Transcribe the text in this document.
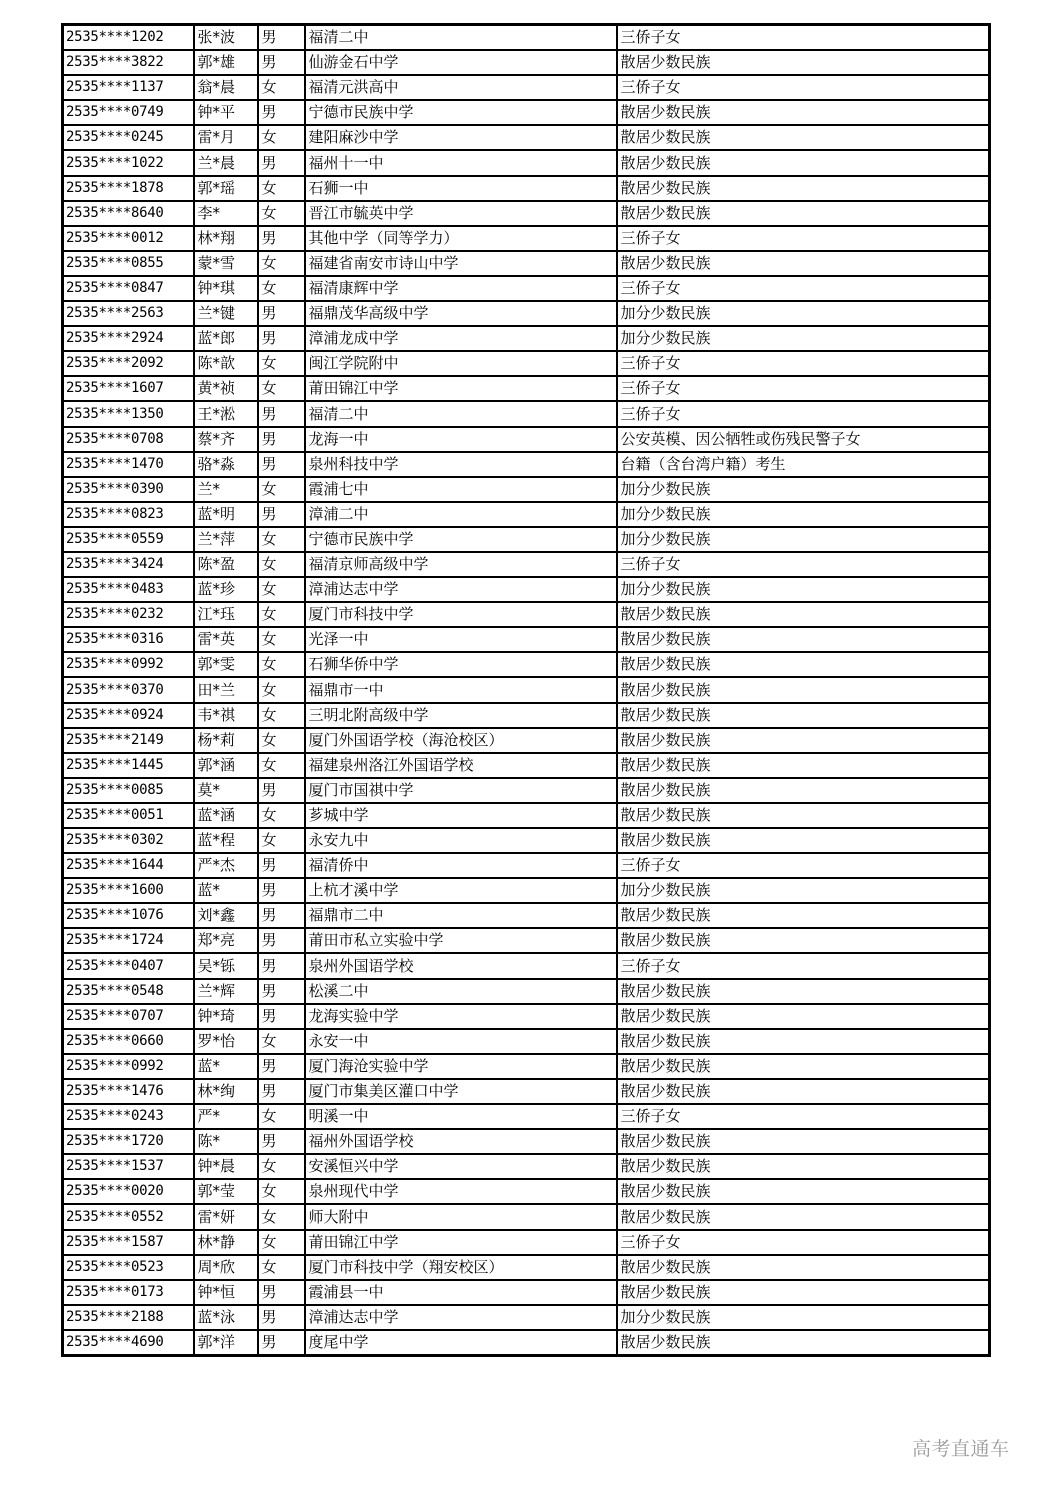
2535****1202	张*波	男	福清二中	三侨子女
2535****3822	郭*雄	男	仙游金石中学	散居少数民族
2535****1137	翁*晨	女	福清元洪高中	三侨子女
2535****0749	钟*平	男	宁德市民族中学	散居少数民族
2535****0245	雷*月	女	建阳麻沙中学	散居少数民族
2535****1022	兰*晨	男	福州十一中	散居少数民族
2535****1878	郭*瑶	女	石狮一中	散居少数民族
2535****8640	李*	女	晋江市毓英中学	散居少数民族
2535****0012	林*翔	男	其他中学（同等学力）	三侨子女
2535****0855	蒙*雪	女	福建省南安市诗山中学	散居少数民族
2535****0847	钟*琪	女	福清康辉中学	三侨子女
2535****2563	兰*键	男	福鼎茂华高级中学	加分少数民族
2535****2924	蓝*郎	男	漳浦龙成中学	加分少数民族
2535****2092	陈*歆	女	闽江学院附中	三侨子女
2535****1607	黄*祯	女	莆田锦江中学	三侨子女
2535****1350	王*淞	男	福清二中	三侨子女
2535****0708	蔡*齐	男	龙海一中	公安英模、因公牺牲或伤残民警子女
2535****1470	骆*淼	男	泉州科技中学	台籍（含台湾户籍）考生
2535****0390	兰*	女	霞浦七中	加分少数民族
2535****0823	蓝*明	男	漳浦二中	加分少数民族
2535****0559	兰*萍	女	宁德市民族中学	加分少数民族
2535****3424	陈*盈	女	福清京师高级中学	三侨子女
2535****0483	蓝*珍	女	漳浦达志中学	加分少数民族
2535****0232	江*珏	女	厦门市科技中学	散居少数民族
2535****0316	雷*英	女	光泽一中	散居少数民族
2535****0992	郭*雯	女	石狮华侨中学	散居少数民族
2535****0370	田*兰	女	福鼎市一中	散居少数民族
2535****0924	韦*祺	女	三明北附高级中学	散居少数民族
2535****2149	杨*莉	女	厦门外国语学校（海沧校区）	散居少数民族
2535****1445	郭*涵	女	福建泉州洛江外国语学校	散居少数民族
2535****0085	莫*	男	厦门市国祺中学	散居少数民族
2535****0051	蓝*涵	女	芗城中学	散居少数民族
2535****0302	蓝*程	女	永安九中	散居少数民族
2535****1644	严*杰	男	福清侨中	三侨子女
2535****1600	蓝*	男	上杭才溪中学	加分少数民族
2535****1076	刘*鑫	男	福鼎市二中	散居少数民族
2535****1724	郑*亮	男	莆田市私立实验中学	散居少数民族
2535****0407	吴*铄	男	泉州外国语学校	三侨子女
2535****0548	兰*辉	男	松溪二中	散居少数民族
2535****0707	钟*琦	男	龙海实验中学	散居少数民族
2535****0660	罗*怡	女	永安一中	散居少数民族
2535****0992	蓝*	男	厦门海沧实验中学	散居少数民族
2535****1476	林*绚	男	厦门市集美区灌口中学	散居少数民族
2535****0243	严*	女	明溪一中	三侨子女
2535****1720	陈*	男	福州外国语学校	散居少数民族
2535****1537	钟*晨	女	安溪恒兴中学	散居少数民族
2535****0020	郭*莹	女	泉州现代中学	散居少数民族
2535****0552	雷*妍	女	师大附中	散居少数民族
2535****1587	林*静	女	莆田锦江中学	三侨子女
2535****0523	周*欣	女	厦门市科技中学（翔安校区）	散居少数民族
2535****0173	钟*恒	男	霞浦县一中	散居少数民族
2535****2188	蓝*泳	男	漳浦达志中学	加分少数民族
2535****4690	郭*洋	男	度尾中学	散居少数民族
高考直通车
